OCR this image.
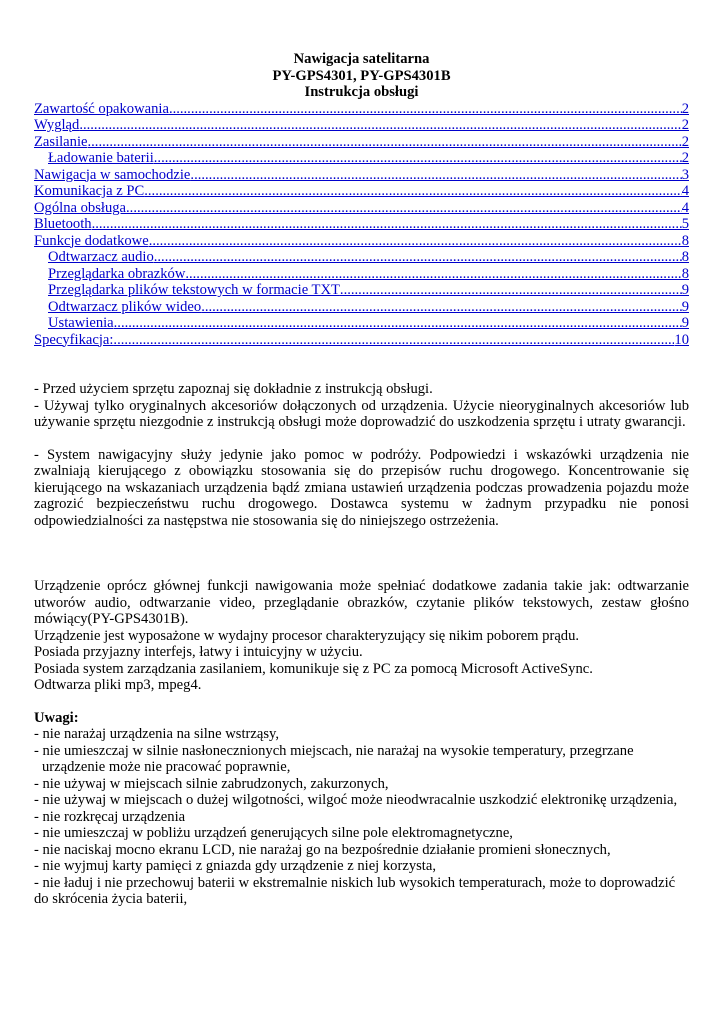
Nawigacja satelitarna
PY-GPS4301, PY-GPS4301B
Instrukcja obsługi
Zawartość opakowania .....	2
Wygląd .....	2
Zasilanie .....	2
Ładowanie baterii .....	2
Nawigacja w samochodzie .....	3
Komunikacja z PC .....	4
Ogólna obsługa .....	4
Bluetooth .....	5
Funkcje dodatkowe .....	8
Odtwarzacz audio .....	8
Przeglądarka obrazków .....	8
Przeglądarka plików tekstowych w formacie TXT .....	9
Odtwarzacz plików wideo .....	9
Ustawienia .....	9
Specyfikacja: .....	10

- Przed użyciem sprzętu zapoznaj się dokładnie z instrukcją obsługi.

- Używaj tylko oryginalnych akcesoriów dołączonych od urządzenia. Użycie nieoryginalnych akcesoriów lub używanie sprzętu niezgodnie z instrukcją obsługi może doprowadzić do uszkodzenia sprzętu i utraty gwarancji.

- System nawigacyjny służy jedynie jako pomoc w podróży. Podpowiedzi i wskazówki urządzenia nie zwalniają kierującego z obowiązku stosowania się do przepisów ruchu drogowego. Koncentrowanie się kierującego na wskazaniach urządzenia bądź zmiana ustawień urządzenia podczas prowadzenia pojazdu może zagrozić bezpieczeństwu ruchu drogowego. Dostawca systemu w żadnym przypadku nie ponosi odpowiedzialności za następstwa nie stosowania się do niniejszego ostrzeżenia.

Urządzenie oprócz głównej funkcji nawigowania może spełniać dodatkowe zadania takie jak: odtwarzanie utworów audio, odtwarzanie video, przeglądanie obrazków, czytanie plików tekstowych, zestaw głośno mówiący(PY-GPS4301B).

Urządzenie jest wyposażone w wydajny procesor charakteryzujący się nikim poborem prądu.

Posiada przyjazny interfejs, łatwy i intuicyjny w użyciu.

Posiada system zarządzania zasilaniem, komunikuje się z PC za pomocą Microsoft ActiveSync.

Odtwarza pliki mp3, mpeg4.

Uwagi:

- nie narażaj urządzenia na silne wstrząsy,

- nie umieszczaj w silnie nasłonecznionych miejscach, nie narażaj na wysokie temperatury, przegrzane

urządzenie może nie pracować poprawnie,

- nie używaj w miejscach silnie zabrudzonych, zakurzonych,

- nie używaj w miejscach o dużej wilgotności, wilgoć może nieodwracalnie uszkodzić elektronikę urządzenia,

- nie rozkręcaj urządzenia

- nie umieszczaj w pobliżu urządzeń generujących silne pole elektromagnetyczne,

- nie naciskaj mocno ekranu LCD, nie narażaj go na bezpośrednie działanie promieni słonecznych,

- nie wyjmuj karty pamięci z gniazda gdy urządzenie z niej korzysta,

- nie ładuj i nie przechowuj baterii w ekstremalnie niskich lub wysokich temperaturach, może to doprowadzić

do skrócenia życia baterii,
